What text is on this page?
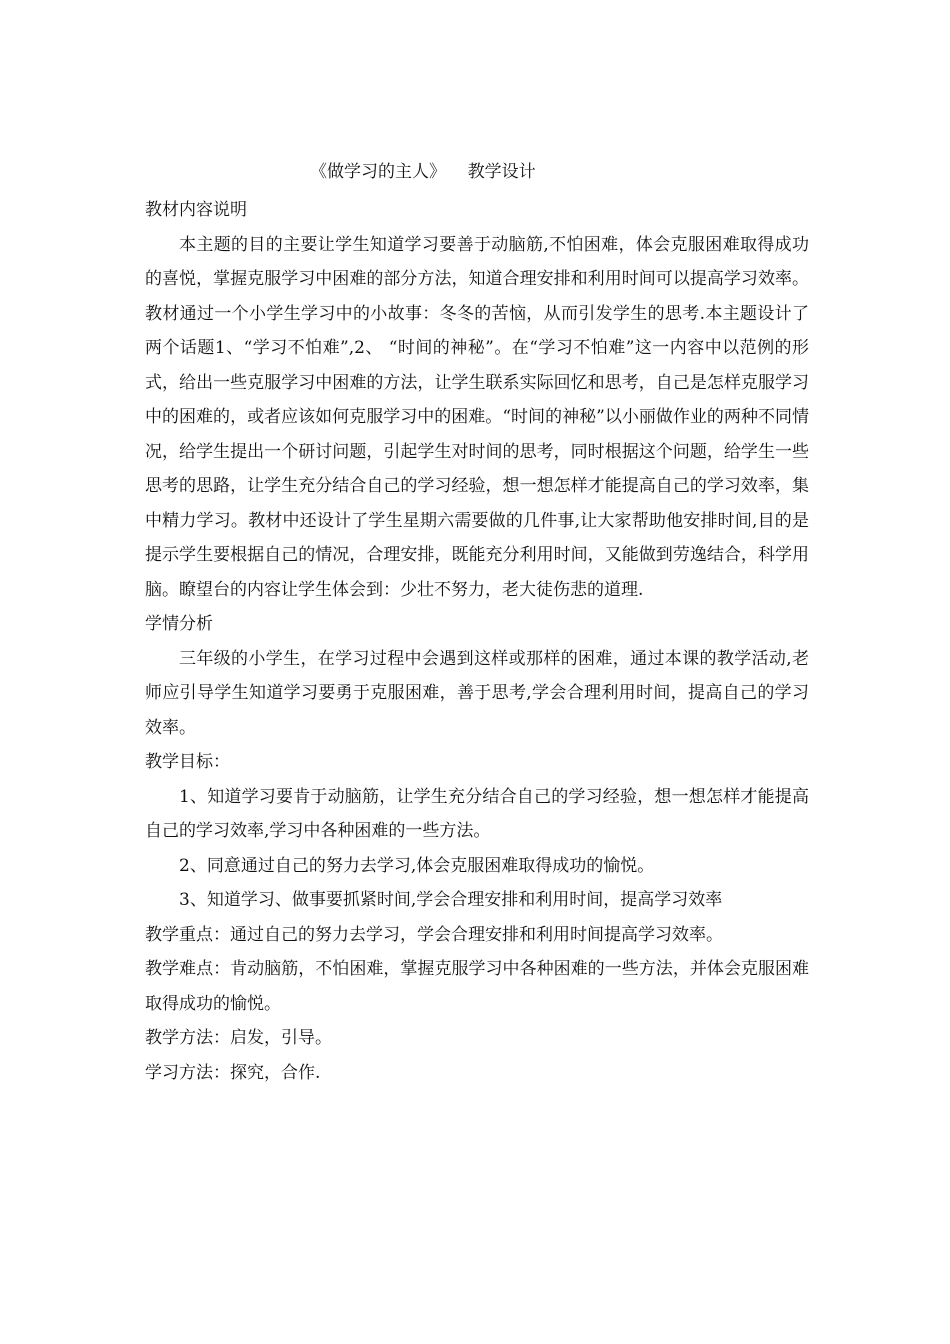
《做学习的主人》    教学设计

教材内容说明

本主题的目的主要让学生知道学习要善于动脑筋,不怕困难，体会克服困难取得成功的喜悦，掌握克服学习中困难的部分方法，知道合理安排和利用时间可以提高学习效率。教材通过一个小学生学习中的小故事：冬冬的苦恼，从而引发学生的思考.本主题设计了两个话题1、“学习不怕难”,2、 “时间的神秘”。在“学习不怕难”这一内容中以范例的形式，给出一些克服学习中困难的方法，让学生联系实际回忆和思考，自己是怎样克服学习中的困难的，或者应该如何克服学习中的困难。“时间的神秘”以小丽做作业的两种不同情况，给学生提出一个研讨问题，引起学生对时间的思考，同时根据这个问题，给学生一些思考的思路，让学生充分结合自己的学习经验，想一想怎样才能提高自己的学习效率，集中精力学习。教材中还设计了学生星期六需要做的几件事,让大家帮助他安排时间,目的是提示学生要根据自己的情况，合理安排，既能充分利用时间，又能做到劳逸结合，科学用脑。瞭望台的内容让学生体会到：少壮不努力，老大徒伤悲的道理.

学情分析

三年级的小学生，在学习过程中会遇到这样或那样的困难，通过本课的教学活动,老师应引导学生知道学习要勇于克服困难，善于思考,学会合理利用时间，提高自己的学习效率。

教学目标：

1、知道学习要肯于动脑筋，让学生充分结合自己的学习经验，想一想怎样才能提高自己的学习效率,学习中各种困难的一些方法。

2、同意通过自己的努力去学习,体会克服困难取得成功的愉悦。

3、知道学习、做事要抓紧时间,学会合理安排和利用时间，提高学习效率

教学重点：通过自己的努力去学习，学会合理安排和利用时间提高学习效率。

教学难点：肯动脑筋，不怕困难，掌握克服学习中各种困难的一些方法，并体会克服困难取得成功的愉悦。

教学方法：启发，引导。

学习方法：探究，合作.
